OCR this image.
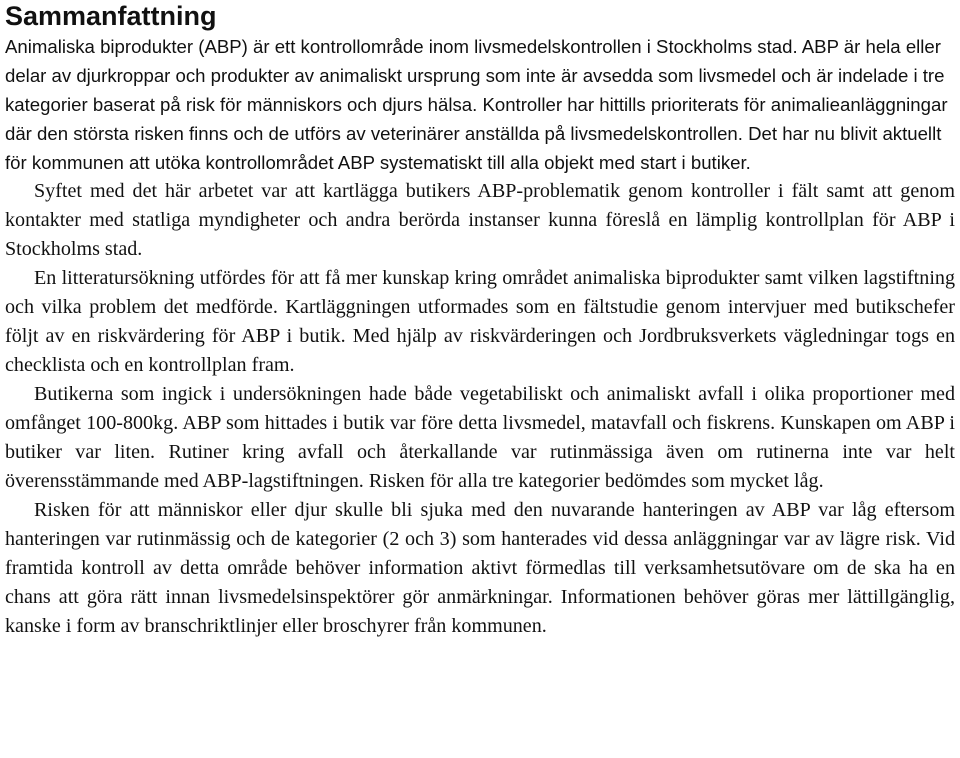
Sammanfattning

Animaliska biprodukter (ABP) är ett kontrollområde inom livsmedelskontrollen i Stockholms stad. ABP är hela eller delar av djurkroppar och produkter av animaliskt ursprung som inte är avsedda som livsmedel och är indelade i tre kategorier baserat på risk för människors och djurs hälsa. Kontroller har hittills prioriterats för animalieanläggningar där den största risken finns och de utförs av veterinärer anställda på livsmedelskontrollen. Det har nu blivit aktuellt för kommunen att utöka kontrollområdet ABP systematiskt till alla objekt med start i butiker.

Syftet med det här arbetet var att kartlägga butikers ABP-problematik genom kontroller i fält samt att genom kontakter med statliga myndigheter och andra berörda instanser kunna föreslå en lämplig kontrollplan för ABP i Stockholms stad.
En litteratursökning utfördes för att få mer kunskap kring området animaliska biprodukter samt vilken lagstiftning och vilka problem det medförde. Kartläggningen utformades som en fältstudie genom intervjuer med butikschefer följt av en riskvärdering för ABP i butik. Med hjälp av riskvärderingen och Jordbruksverkets vägledningar togs en checklista och en kontrollplan fram.
Butikerna som ingick i undersökningen hade både vegetabiliskt och animaliskt avfall i olika proportioner med omfånget 100-800kg. ABP som hittades i butik var före detta livsmedel, matavfall och fiskrens. Kunskapen om ABP i butiker var liten. Rutiner kring avfall och återkallande var rutinmässiga även om rutinerna inte var helt överensstämmande med ABP-lagstiftningen. Risken för alla tre kategorier bedömdes som mycket låg.
Risken för att människor eller djur skulle bli sjuka med den nuvarande hanteringen av ABP var låg eftersom hanteringen var rutinmässig och de kategorier (2 och 3) som hanterades vid dessa anläggningar var av lägre risk. Vid framtida kontroll av detta område behöver information aktivt förmedlas till verksamhetsutövare om de ska ha en chans att göra rätt innan livsmedelsinspektörer gör anmärkningar. Informationen behöver göras mer lättillgänglig, kanske i form av branschriktlinjer eller broschyrer från kommunen.
